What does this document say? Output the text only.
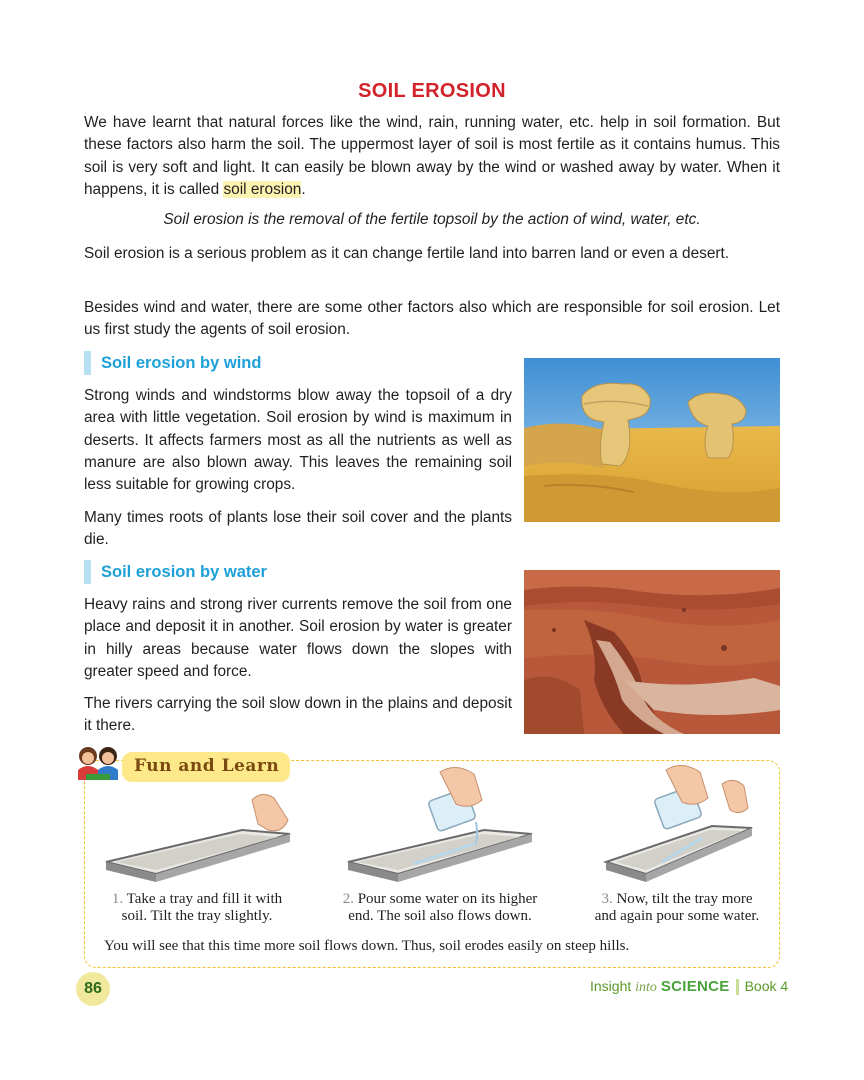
SOIL EROSION
We have learnt that natural forces like the wind, rain, running water, etc. help in soil formation. But these factors also harm the soil. The uppermost layer of soil is most fertile as it contains humus. This soil is very soft and light. It can easily be blown away by the wind or washed away by water. When it happens, it is called soil erosion.
Soil erosion is the removal of the fertile topsoil by the action of wind, water, etc.
Soil erosion is a serious problem as it can change fertile land into barren land or even a desert.
Besides wind and water, there are some other factors also which are responsible for soil erosion. Let us first study the agents of soil erosion.
Soil erosion by wind
Strong winds and windstorms blow away the topsoil of a dry area with little vegetation. Soil erosion by wind is maximum in deserts. It affects farmers most as all the nutrients as well as manure are also blown away. This leaves the remaining soil less suitable for growing crops.
Many times roots of plants lose their soil cover and the plants die.
Soil erosion by water
Heavy rains and strong river currents remove the soil from one place and deposit it in another. Soil erosion by water is greater in hilly areas because water flows down the slopes with greater speed and force.
The rivers carrying the soil slow down in the plains and deposit it there.
Fun and Learn
1. Take a tray and fill it with
soil. Tilt the tray slightly.
2. Pour some water on its higher
end. The soil also flows down.
3. Now, tilt the tray more
and again pour some water.
You will see that this time more soil flows down. Thus, soil erodes easily on steep hills.
86	Insight into SCIENCE Book 4
